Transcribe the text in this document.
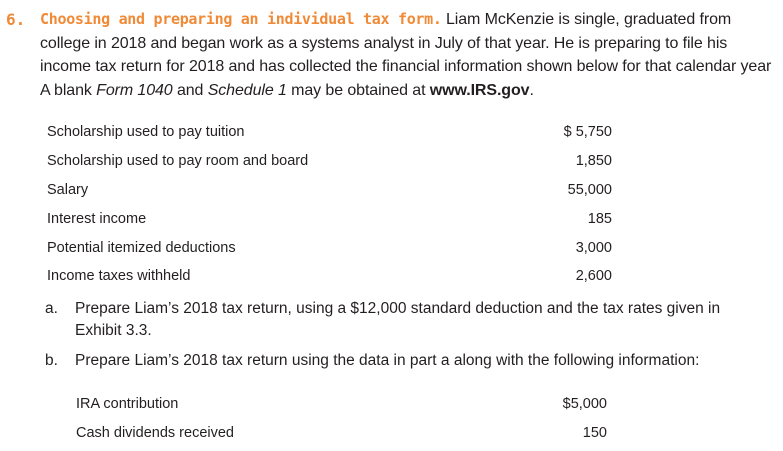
6. Choosing and preparing an individual tax form. Liam McKenzie is single, graduated from college in 2018 and began work as a systems analyst in July of that year. He is preparing to file his income tax return for 2018 and has collected the financial information shown below for that calendar year A blank Form 1040 and Schedule 1 may be obtained at www.IRS.gov.
Scholarship used to pay tuition	$ 5,750
Scholarship used to pay room and board	1,850
Salary	55,000
Interest income	185
Potential itemized deductions	3,000
Income taxes withheld	2,600
a. Prepare Liam’s 2018 tax return, using a $12,000 standard deduction and the tax rates given in Exhibit 3.3.
b. Prepare Liam’s 2018 tax return using the data in part a along with the following information:
IRA contribution	$5,000
Cash dividends received	150
